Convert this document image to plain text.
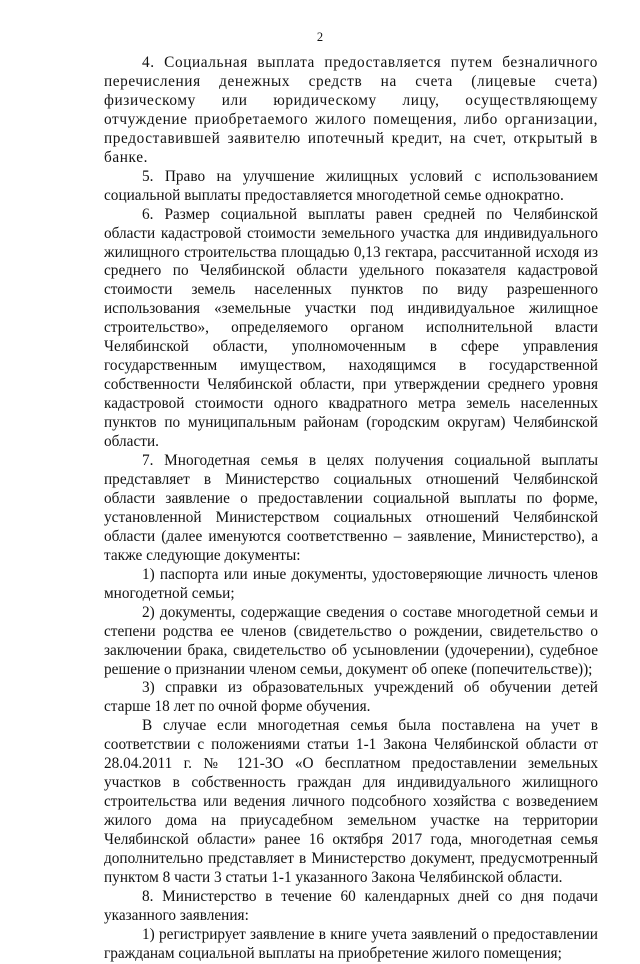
2

4. Социальная выплата предоставляется путем безналичного перечисления денежных средств на счета (лицевые счета) физическому или юридическому лицу, осуществляющему отчуждение приобретаемого жилого помещения, либо организации, предоставившей заявителю ипотечный кредит, на счет, открытый в банке.

5. Право на улучшение жилищных условий с использованием социальной выплаты предоставляется многодетной семье однократно.

6. Размер социальной выплаты равен средней по Челябинской области кадастровой стоимости земельного участка для индивидуального жилищного строительства площадью 0,13 гектара, рассчитанной исходя из среднего по Челябинской области удельного показателя кадастровой стоимости земель населенных пунктов по виду разрешенного использования «земельные участки под индивидуальное жилищное строительство», определяемого органом исполнительной власти Челябинской области, уполномоченным в сфере управления государственным имуществом, находящимся в государственной собственности Челябинской области, при утверждении среднего уровня кадастровой стоимости одного квадратного метра земель населенных пунктов по муниципальным районам (городским округам) Челябинской области.

7. Многодетная семья в целях получения социальной выплаты представляет в Министерство социальных отношений Челябинской области заявление о предоставлении социальной выплаты по форме, установленной Министерством социальных отношений Челябинской области (далее именуются соответственно – заявление, Министерство), а также следующие документы:

1) паспорта или иные документы, удостоверяющие личность членов многодетной семьи;

2) документы, содержащие сведения о составе многодетной семьи и степени родства ее членов (свидетельство о рождении, свидетельство о заключении брака, свидетельство об усыновлении (удочерении), судебное решение о признании членом семьи, документ об опеке (попечительстве));

3) справки из образовательных учреждений об обучении детей старше 18 лет по очной форме обучения.

В случае если многодетная семья была поставлена на учет в соответствии с положениями статьи 1-1 Закона Челябинской области от 28.04.2011 г. № 121-ЗО «О бесплатном предоставлении земельных участков в собственность граждан для индивидуального жилищного строительства или ведения личного подсобного хозяйства с возведением жилого дома на приусадебном земельном участке на территории Челябинской области» ранее 16 октября 2017 года, многодетная семья дополнительно представляет в Министерство документ, предусмотренный пунктом 8 части 3 статьи 1-1 указанного Закона Челябинской области.

8. Министерство в течение 60 календарных дней со дня подачи указанного заявления:

1) регистрирует заявление в книге учета заявлений о предоставлении гражданам социальной выплаты на приобретение жилого помещения;
